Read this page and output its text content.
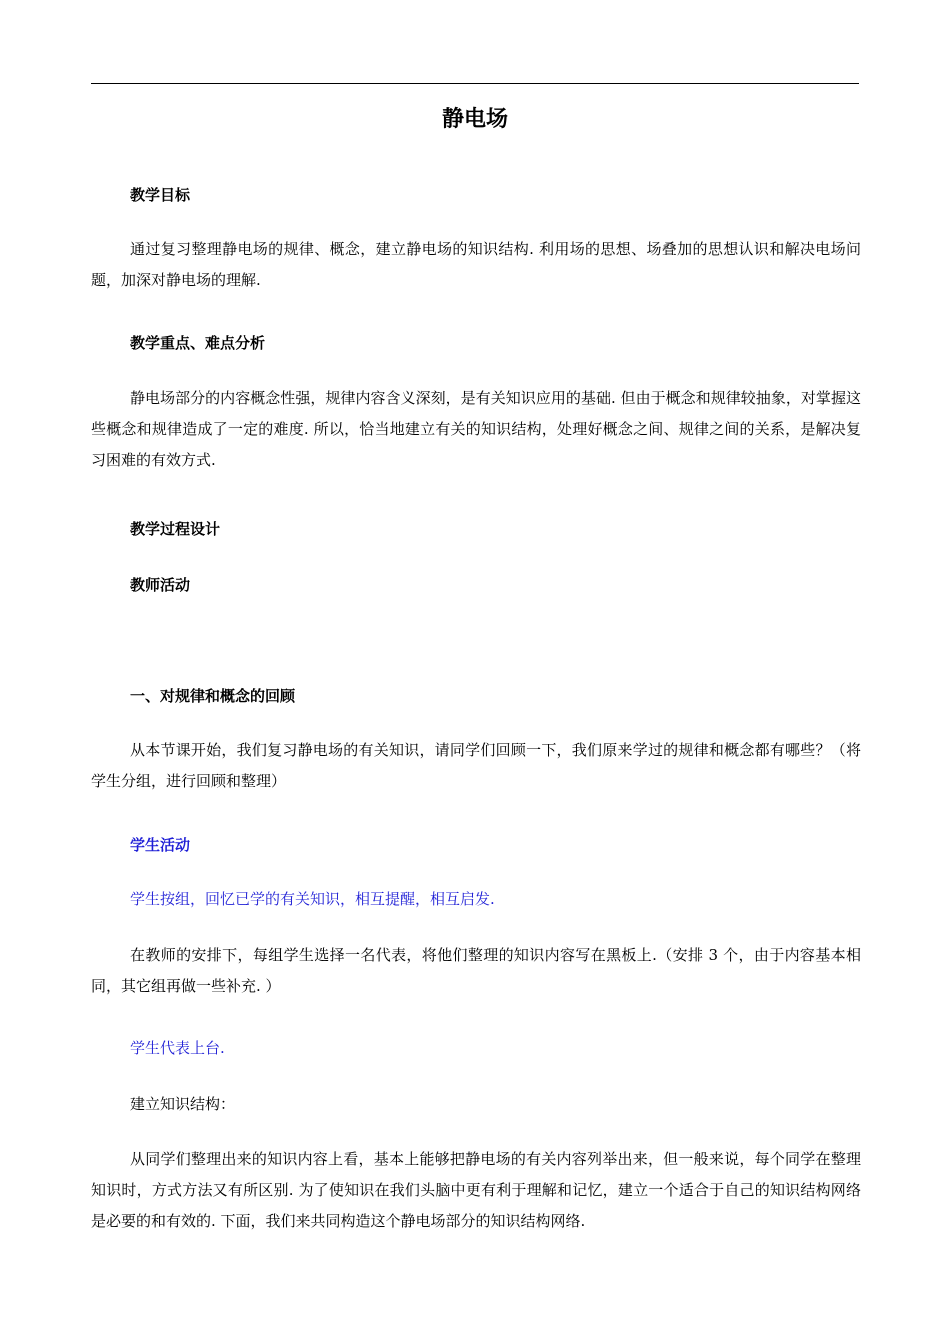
静电场
教学目标
通过复习整理静电场的规律、概念，建立静电场的知识结构. 利用场的思想、场叠加的思想认识和解决电场问题，加深对静电场的理解.
教学重点、难点分析
静电场部分的内容概念性强，规律内容含义深刻，是有关知识应用的基础. 但由于概念和规律较抽象，对掌握这些概念和规律造成了一定的难度. 所以，恰当地建立有关的知识结构，处理好概念之间、规律之间的关系，是解决复习困难的有效方式.
教学过程设计
教师活动
一、对规律和概念的回顾
从本节课开始，我们复习静电场的有关知识，请同学们回顾一下，我们原来学过的规律和概念都有哪些？（将学生分组，进行回顾和整理）
学生活动
学生按组，回忆已学的有关知识，相互提醒，相互启发.
在教师的安排下，每组学生选择一名代表，将他们整理的知识内容写在黑板上.（安排 3 个，由于内容基本相同，其它组再做一些补充. ）
学生代表上台.
建立知识结构：
从同学们整理出来的知识内容上看，基本上能够把静电场的有关内容列举出来，但一般来说，每个同学在整理知识时，方式方法又有所区别. 为了使知识在我们头脑中更有利于理解和记忆，建立一个适合于自己的知识结构网络是必要的和有效的. 下面，我们来共同构造这个静电场部分的知识结构网络.
